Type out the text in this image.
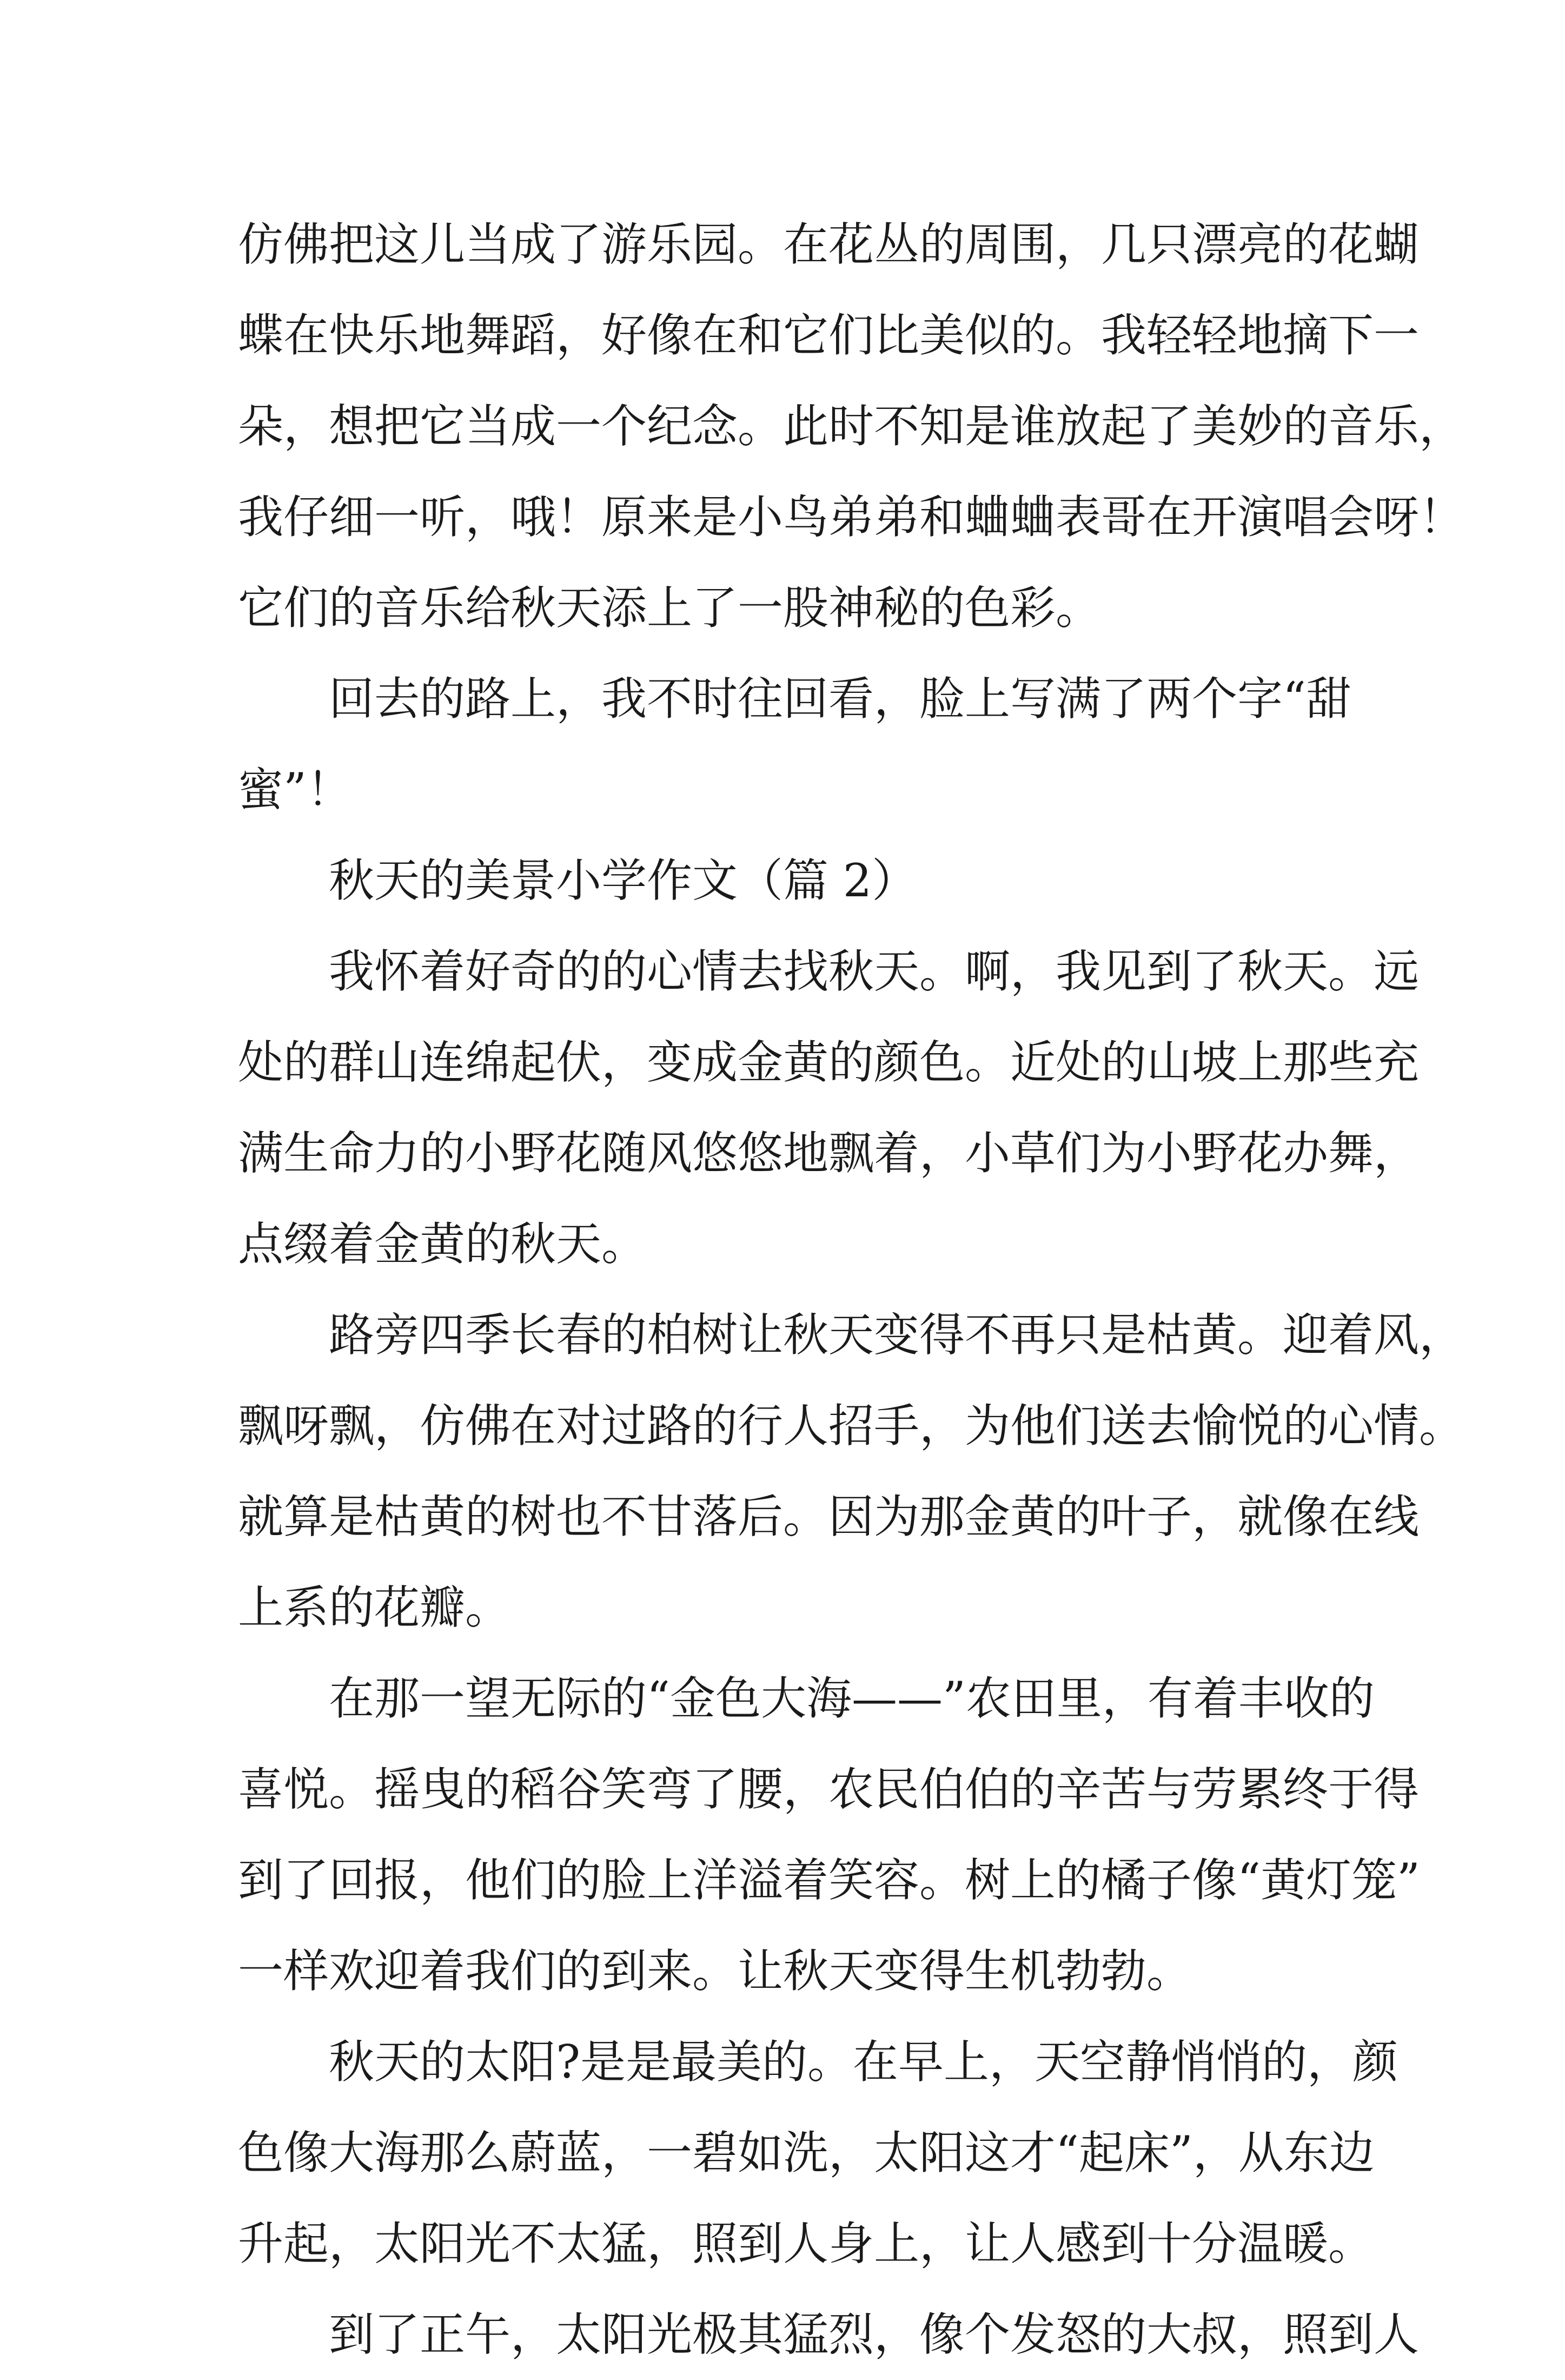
仿佛把这儿当成了游乐园。在花丛的周围，几只漂亮的花蝴
蝶在快乐地舞蹈，好像在和它们比美似的。我轻轻地摘下一
朵，想把它当成一个纪念。此时不知是谁放起了美妙的音乐，
我仔细一听，哦！原来是小鸟弟弟和蛐蛐表哥在开演唱会呀！
它们的音乐给秋天添上了一股神秘的色彩。
回去的路上，我不时往回看，脸上写满了两个字“甜
蜜”！
秋天的美景小学作文（篇 2）
我怀着好奇的的心情去找秋天。啊，我见到了秋天。远
处的群山连绵起伏，变成金黄的颜色。近处的山坡上那些充
满生命力的小野花随风悠悠地飘着，小草们为小野花办舞，
点缀着金黄的秋天。
路旁四季长春的柏树让秋天变得不再只是枯黄。迎着风，
飘呀飘，仿佛在对过路的行人招手，为他们送去愉悦的心情。
就算是枯黄的树也不甘落后。因为那金黄的叶子，就像在线
上系的花瓣。
在那一望无际的“金色大海——”农田里，有着丰收的
喜悦。摇曳的稻谷笑弯了腰，农民伯伯的辛苦与劳累终于得
到了回报，他们的脸上洋溢着笑容。树上的橘子像“黄灯笼”
一样欢迎着我们的到来。让秋天变得生机勃勃。
秋天的太阳?是是最美的。在早上，天空静悄悄的，颜
色像大海那么蔚蓝，一碧如洗，太阳这才“起床”，从东边
升起，太阳光不太猛，照到人身上，让人感到十分温暖。
到了正午，太阳光极其猛烈，像个发怒的大叔，照到人
